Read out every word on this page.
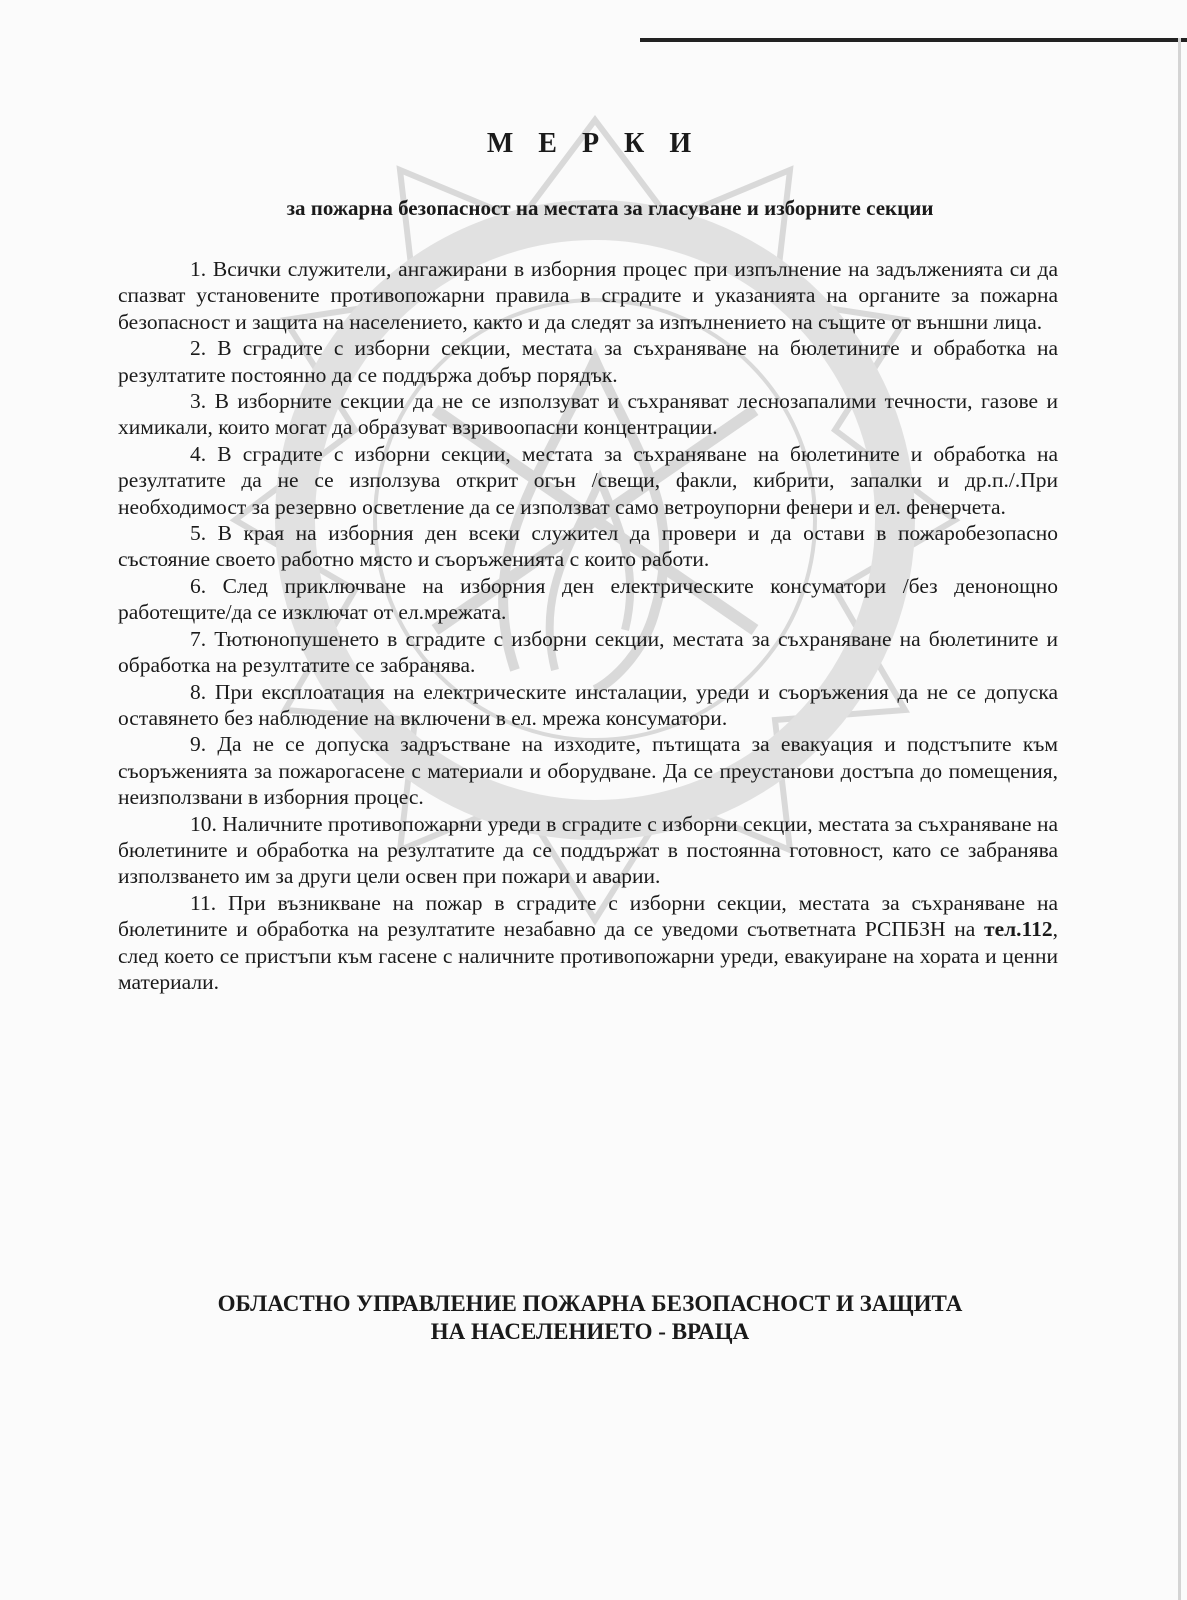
М Е Р К И
за пожарна безопасност на местата за гласуване и изборните секции

1. Всички служители, ангажирани в изборния процес при изпълнение на задълженията си да спазват установените противопожарни правила в сградите и указанията на органите за пожарна безопасност и защита на населението, както и да следят за изпълнението на същите от външни лица.

2. В сградите с изборни секции, местата за съхраняване на бюлетините и обработка на резултатите постоянно да се поддържа добър порядък.

3. В изборните секции да не се използуват и съхраняват леснозапалими течности, газове и химикали, които могат да образуват взривоопасни концентрации.

4. В сградите с изборни секции, местата за съхраняване на бюлетините и обработка на резултатите да не се използува открит огън /свещи, факли, кибрити, запалки и др.п./.При необходимост за резервно осветление да се използват само ветроупорни фенери и ел. фенерчета.

5. В края на изборния ден всеки служител да провери и да остави в пожаробезопасно състояние своето работно място и съоръженията с които работи.

6. След приключване на изборния ден електрическите консуматори /без денонощно работещите/да се изключат от ел.мрежата.

7. Тютюнопушенето в сградите с изборни секции, местата за съхраняване на бюлетините и обработка на резултатите се забранява.

8. При експлоатация на електрическите инсталации, уреди и съоръжения да не се допуска оставянето без наблюдение на включени в ел. мрежа консуматори.

9. Да не се допуска задръстване на изходите, пътищата за евакуация и подстъпите към съоръженията за пожарогасене с материали и оборудване. Да се преустанови достъпа до помещения, неизползвани в изборния процес.

10. Наличните противопожарни уреди в сградите с изборни секции, местата за съхраняване на бюлетините и обработка на резултатите да се поддържат в постоянна готовност, като се забранява използването им за други цели освен при пожари и аварии.

11. При възникване на пожар в сградите с изборни секции, местата за съхраняване на бюлетините и обработка на резултатите незабавно да се уведоми съответната РСПБЗН на тел.112, след което се пристъпи към гасене с наличните противопожарни уреди, евакуиране на хората и ценни материали.

ОБЛАСТНО УПРАВЛЕНИЕ ПОЖАРНА БЕЗОПАСНОСТ И ЗАЩИТА
НА НАСЕЛЕНИЕТО - ВРАЦА
